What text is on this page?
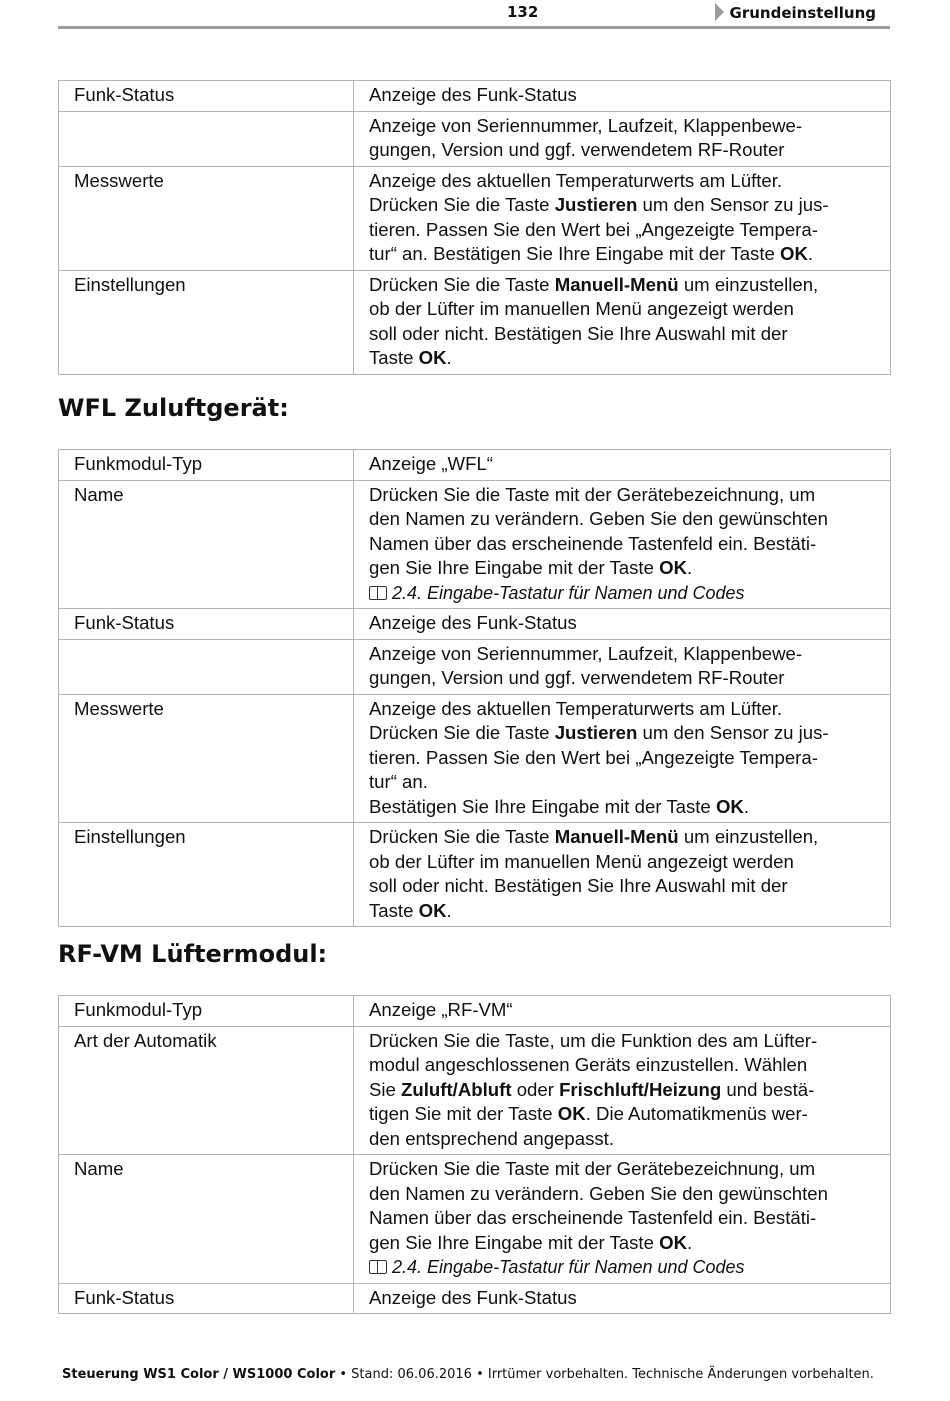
132	Grundeinstellung
Funk-Status	Anzeige des Funk-Status
	Anzeige von Seriennummer, Laufzeit, Klappenbewe-
gungen, Version und ggf. verwendetem RF-Router
Messwerte	Anzeige des aktuellen Temperaturwerts am Lüfter.
Drücken Sie die Taste Justieren um den Sensor zu jus-
tieren. Passen Sie den Wert bei „Angezeigte Tempera-
tur“ an. Bestätigen Sie Ihre Eingabe mit der Taste OK.
Einstellungen	Drücken Sie die Taste Manuell-Menü um einzustellen,
ob der Lüfter im manuellen Menü angezeigt werden
soll oder nicht. Bestätigen Sie Ihre Auswahl mit der
Taste OK.
WFL Zuluftgerät:
Funkmodul-Typ	Anzeige „WFL“
Name	Drücken Sie die Taste mit der Gerätebezeichnung, um
den Namen zu verändern. Geben Sie den gewünschten
Namen über das erscheinende Tastenfeld ein. Bestäti-
gen Sie Ihre Eingabe mit der Taste OK.
2.4. Eingabe-Tastatur für Namen und Codes
Funk-Status	Anzeige des Funk-Status
	Anzeige von Seriennummer, Laufzeit, Klappenbewe-
gungen, Version und ggf. verwendetem RF-Router
Messwerte	Anzeige des aktuellen Temperaturwerts am Lüfter.
Drücken Sie die Taste Justieren um den Sensor zu jus-
tieren. Passen Sie den Wert bei „Angezeigte Tempera-
tur“ an.
Bestätigen Sie Ihre Eingabe mit der Taste OK.
Einstellungen	Drücken Sie die Taste Manuell-Menü um einzustellen,
ob der Lüfter im manuellen Menü angezeigt werden
soll oder nicht. Bestätigen Sie Ihre Auswahl mit der
Taste OK.
RF-VM Lüftermodul:
Funkmodul-Typ	Anzeige „RF-VM“
Art der Automatik	Drücken Sie die Taste, um die Funktion des am Lüfter-
modul angeschlossenen Geräts einzustellen. Wählen
Sie Zuluft/Abluft oder Frischluft/Heizung und bestä-
tigen Sie mit der Taste OK. Die Automatikmenüs wer-
den entsprechend angepasst.
Name	Drücken Sie die Taste mit der Gerätebezeichnung, um
den Namen zu verändern. Geben Sie den gewünschten
Namen über das erscheinende Tastenfeld ein. Bestäti-
gen Sie Ihre Eingabe mit der Taste OK.
2.4. Eingabe-Tastatur für Namen und Codes
Funk-Status	Anzeige des Funk-Status
Steuerung WS1 Color / WS1000 Color • Stand: 06.06.2016 • Irrtümer vorbehalten. Technische Änderungen vorbehalten.
